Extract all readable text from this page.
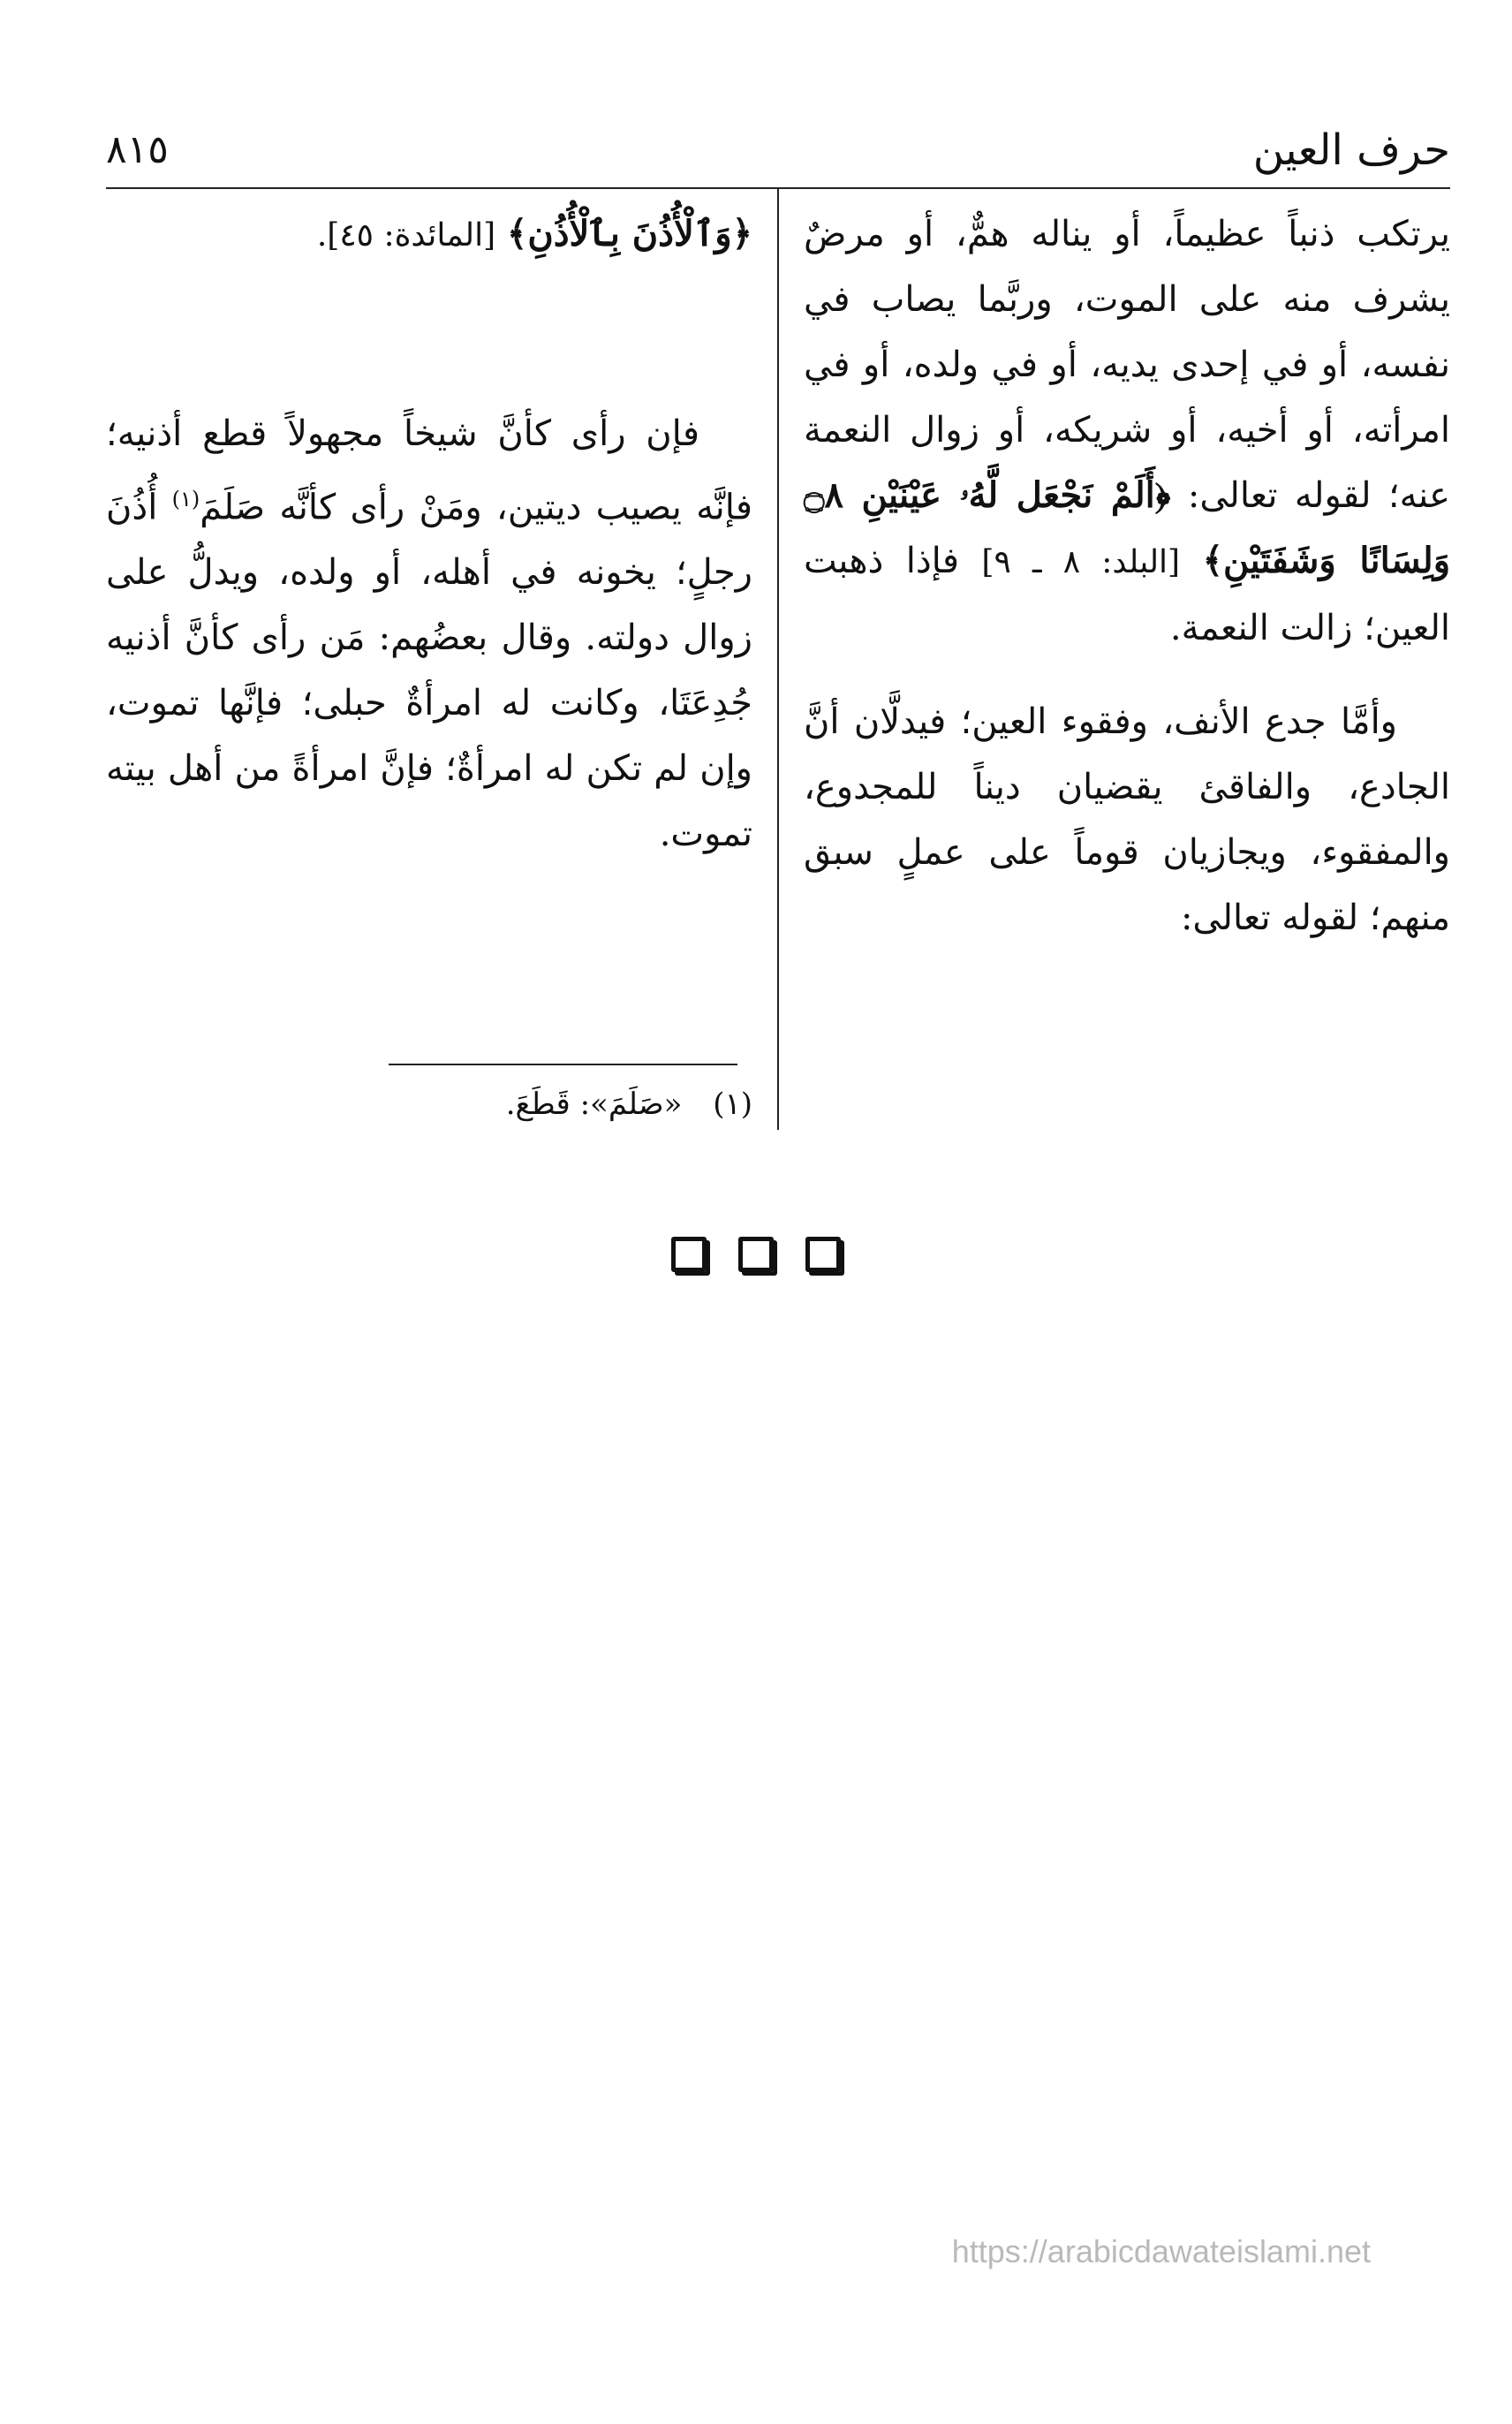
٨١٥	حرف العين

يرتكب ذنباً عظيماً، أو يناله همٌّ، أو مرضٌ يشرف منه على الموت، وربَّما يصاب في نفسه، أو في إحدى يديه، أو في ولده، أو في امرأته، أو أخيه، أو شريكه، أو زوال النعمة عنه؛ لقوله تعالى: ﴿أَلَمْ نَجْعَل لَّهُۥ عَيْنَيْنِ ۝٨ وَلِسَانًا وَشَفَتَيْنِ﴾ [البلد: ٨ ـ ٩] فإذا ذهبت العين؛ زالت النعمة.

وأمَّا جدع الأنف، وفقوء العين؛ فيدلَّان أنَّ الجادع، والفاقئ يقضيان ديناً للمجدوع، والمفقوء، ويجازيان قوماً على عملٍ سبق منهم؛ لقوله تعالى:

﴿وَٱلْأُذُنَ بِٱلْأُذُنِ﴾ [المائدة: ٤٥].

فإن رأى كأنَّ شيخاً مجهولاً قطع أذنيه؛ فإنَّه يصيب ديتين، ومَنْ رأى كأنَّه صَلَمَ$^{(١)}$ أُذُنَ رجلٍ؛ يخونه في أهله، أو ولده، ويدلُّ على زوال دولته. وقال بعضُهم: مَن رأى كأنَّ أذنيه جُدِعَتَا، وكانت له امرأةٌ حبلى؛ فإنَّها تموت، وإن لم تكن له امرأةٌ؛ فإنَّ امرأةً من أهل بيته تموت.

(١) «صَلَمَ»: قَطَعَ.
https://arabicdawateislami.net
